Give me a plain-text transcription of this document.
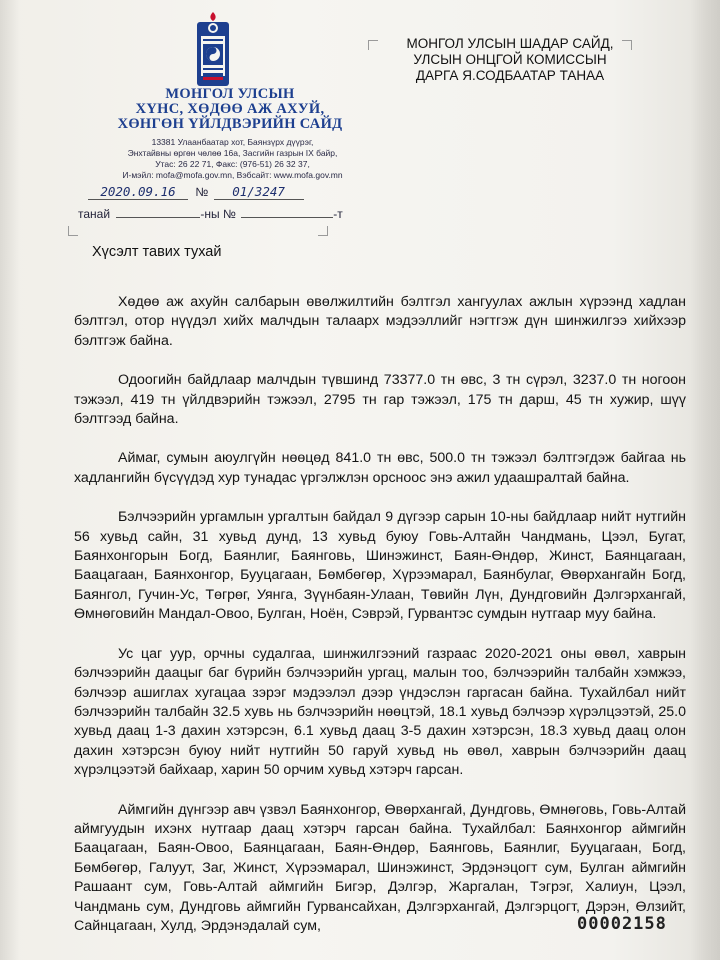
МОНГОЛ УЛСЫН
ХҮНС, ХӨДӨӨ АЖ АХУЙ,
ХӨНГӨН ҮЙЛДВЭРИЙН САЙД
13381 Улаанбаатар хот, Баянзүрх дүүрэг,
Энхтайвны өргөн чөлөө 16а, Засгийн газрын IX байр,
Утас: 26 22 71, Факс: (976-51) 26 32 37,
И-мэйл: mofa@mofa.gov.mn, Вэбсайт: www.mofa.gov.mn
2020.09.16 № 01/3247
танай	-ны №	-т
МОНГОЛ УЛСЫН ШАДАР САЙД,
УЛСЫН ОНЦГОЙ КОМИССЫН
ДАРГА Я.СОДБААТАР ТАНАА
Хүсэлт тавих тухай

Хөдөө аж ахуйн салбарын өвөлжилтийн бэлтгэл хангуулах ажлын хүрээнд хадлан бэлтгэл, отор нүүдэл хийх малчдын талаарх мэдээллийг нэгтгэж дүн шинжилгээ хийхээр бэлтгэж байна.

Одоогийн байдлаар малчдын түвшинд 73377.0 тн өвс, 3 тн сүрэл, 3237.0 тн ногоон тэжээл, 419 тн үйлдвэрийн тэжээл, 2795 тн гар тэжээл, 175 тн дарш, 45 тн хужир, шүү бэлтгээд байна.

Аймаг, сумын аюулгүйн нөөцөд 841.0 тн өвс, 500.0 тн тэжээл бэлтгэгдэж байгаа нь хадлангийн бүсүүдэд хур тунадас үргэлжлэн орсноос энэ ажил удаашралтай байна.

Бэлчээрийн ургамлын ургалтын байдал 9 дүгээр сарын 10-ны байдлаар нийт нутгийн 56 хувьд сайн, 31 хувьд дунд, 13 хувьд буюу Говь-Алтайн Чандмань, Цээл, Бугат, Баянхонгорын Богд, Баянлиг, Баянговь, Шинэжинст, Баян-Өндөр, Жинст, Баянцагаан, Баацагаан, Баянхонгор, Бууцагаан, Бөмбөгөр, Хүрээмарал, Баянбулаг, Өвөрхангайн Богд, Баянгол, Гучин-Ус, Төгрөг, Уянга, Зүүнбаян-Улаан, Төвийн Лүн, Дундговийн Дэлгэрхангай, Өмнөговийн Мандал-Овоо, Булган, Ноён, Сэврэй, Гурвантэс сумдын нутгаар муу байна.

Ус цаг уур, орчны судалгаа, шинжилгээний газраас 2020-2021 оны өвөл, хаврын бэлчээрийн даацыг баг бүрийн бэлчээрийн ургац, малын тоо, бэлчээрийн талбайн хэмжээ, бэлчээр ашиглах хугацаа зэрэг мэдээлэл дээр үндэслэн гаргасан байна. Тухайлбал нийт бэлчээрийн талбайн 32.5 хувь нь бэлчээрийн нөөцтэй, 18.1 хувьд бэлчээр хүрэлцээтэй, 25.0 хувьд даац 1-3 дахин хэтэрсэн, 6.1 хувьд даац 3-5 дахин хэтэрсэн, 18.3 хувьд даац олон дахин хэтэрсэн буюу нийт нутгийн 50 гаруй хувьд нь өвөл, хаврын бэлчээрийн даац хүрэлцээтэй байхаар, харин 50 орчим хувьд хэтэрч гарсан.

Аймгийн дүнгээр авч үзвэл Баянхонгор, Өвөрхангай, Дундговь, Өмнөговь, Говь-Алтай аймгуудын ихэнх нутгаар даац хэтэрч гарсан байна. Тухайлбал: Баянхонгор аймгийн Баацагаан, Баян-Овоо, Баянцагаан, Баян-Өндөр, Баянговь, Баянлиг, Бууцагаан, Богд, Бөмбөгөр, Галуут, Заг, Жинст, Хүрээмарал, Шинэжинст, Эрдэнэцогт сум, Булган аймгийн Рашаант сум, Говь-Алтай аймгийн Бигэр, Дэлгэр, Жаргалан, Тэгрэг, Халиун, Цээл, Чандмань сум, Дундговь аймгийн Гурвансайхан, Дэлгэрхангай, Дэлгэрцогт, Дэрэн, Өлзийт, Сайнцагаан, Хулд, Эрдэнэдалай сум,	00002158
